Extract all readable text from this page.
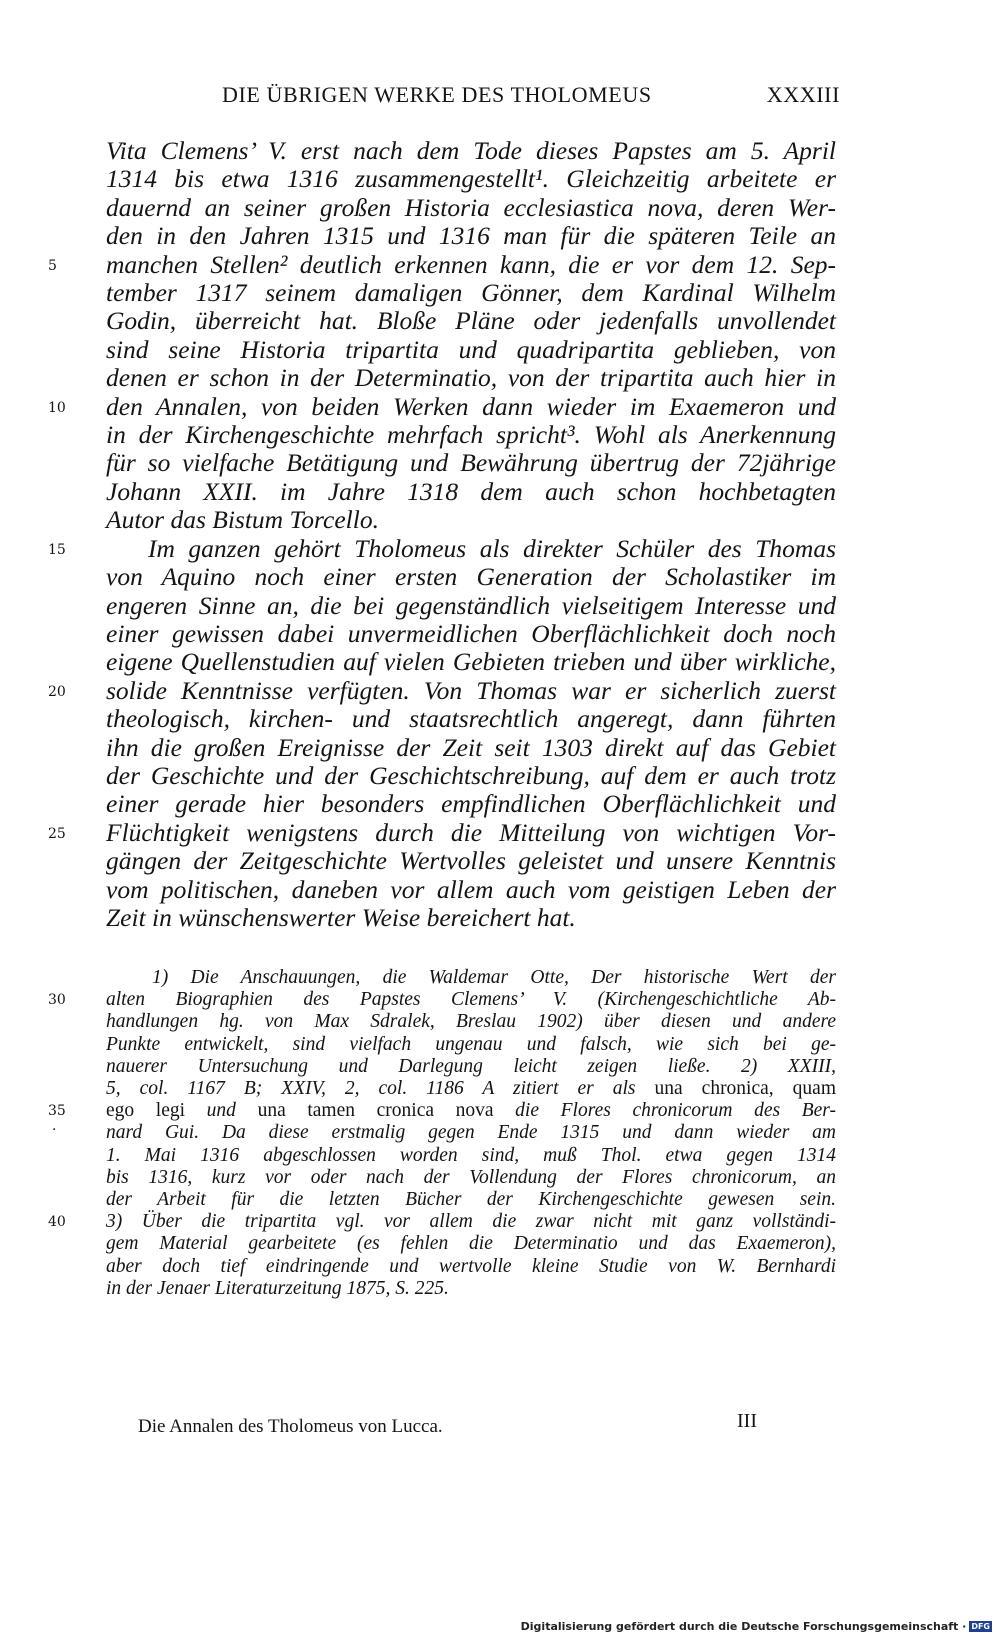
DIE ÜBRIGEN WERKE DES THOLOMEUS	XXXIII
Vita Clemens’ V. erst nach dem Tode dieses Papstes am 5. April
1314 bis etwa 1316 zusammengestellt¹. Gleichzeitig arbeitete er
dauernd an seiner großen Historia ecclesiastica nova, deren Wer-
den in den Jahren 1315 und 1316 man für die späteren Teile an
manchen Stellen² deutlich erkennen kann, die er vor dem 12. Sep-
tember 1317 seinem damaligen Gönner, dem Kardinal Wilhelm
Godin, überreicht hat. Bloße Pläne oder jedenfalls unvollendet
sind seine Historia tripartita und quadripartita geblieben, von
denen er schon in der Determinatio, von der tripartita auch hier in
den Annalen, von beiden Werken dann wieder im Exaemeron und
in der Kirchengeschichte mehrfach spricht³. Wohl als Anerkennung
für so vielfache Betätigung und Bewährung übertrug der 72jährige
Johann XXII. im Jahre 1318 dem auch schon hochbetagten
Autor das Bistum Torcello.
Im ganzen gehört Tholomeus als direkter Schüler des Thomas
von Aquino noch einer ersten Generation der Scholastiker im
engeren Sinne an, die bei gegenständlich vielseitigem Interesse und
einer gewissen dabei unvermeidlichen Oberflächlichkeit doch noch
eigene Quellenstudien auf vielen Gebieten trieben und über wirkliche,
solide Kenntnisse verfügten. Von Thomas war er sicherlich zuerst
theologisch, kirchen- und staatsrechtlich angeregt, dann führten
ihn die großen Ereignisse der Zeit seit 1303 direkt auf das Gebiet
der Geschichte und der Geschichtschreibung, auf dem er auch trotz
einer gerade hier besonders empfindlichen Oberflächlichkeit und
Flüchtigkeit wenigstens durch die Mitteilung von wichtigen Vor-
gängen der Zeitgeschichte Wertvolles geleistet und unsere Kenntnis
vom politischen, daneben vor allem auch vom geistigen Leben der
Zeit in wünschenswerter Weise bereichert hat.
5
10
15
20
25
1) Die Anschauungen, die Waldemar Otte, Der historische Wert der
alten Biographien des Papstes Clemens’ V. (Kirchengeschichtliche Ab-
handlungen hg. von Max Sdralek, Breslau 1902) über diesen und andere
Punkte entwickelt, sind vielfach ungenau und falsch, wie sich bei ge-
nauerer Untersuchung und Darlegung leicht zeigen ließe. 2) XXIII,
5, col. 1167 B; XXIV, 2, col. 1186 A zitiert er als una chronica, quam
ego legi und una tamen cronica nova die Flores chronicorum des Ber-
nard Gui. Da diese erstmalig gegen Ende 1315 und dann wieder am
1. Mai 1316 abgeschlossen worden sind, muß Thol. etwa gegen 1314
bis 1316, kurz vor oder nach der Vollendung der Flores chronicorum, an
der Arbeit für die letzten Bücher der Kirchengeschichte gewesen sein.
3) Über die tripartita vgl. vor allem die zwar nicht mit ganz vollständi-
gem Material gearbeitete (es fehlen die Determinatio und das Exaemeron),
aber doch tief eindringende und wertvolle kleine Studie von W. Bernhardi
in der Jenaer Literaturzeitung 1875, S. 225.
30
35
·
40
Die Annalen des Tholomeus von Lucca.	III
Digitalisierung gefördert durch die Deutsche Forschungsgemeinschaft · DFG
